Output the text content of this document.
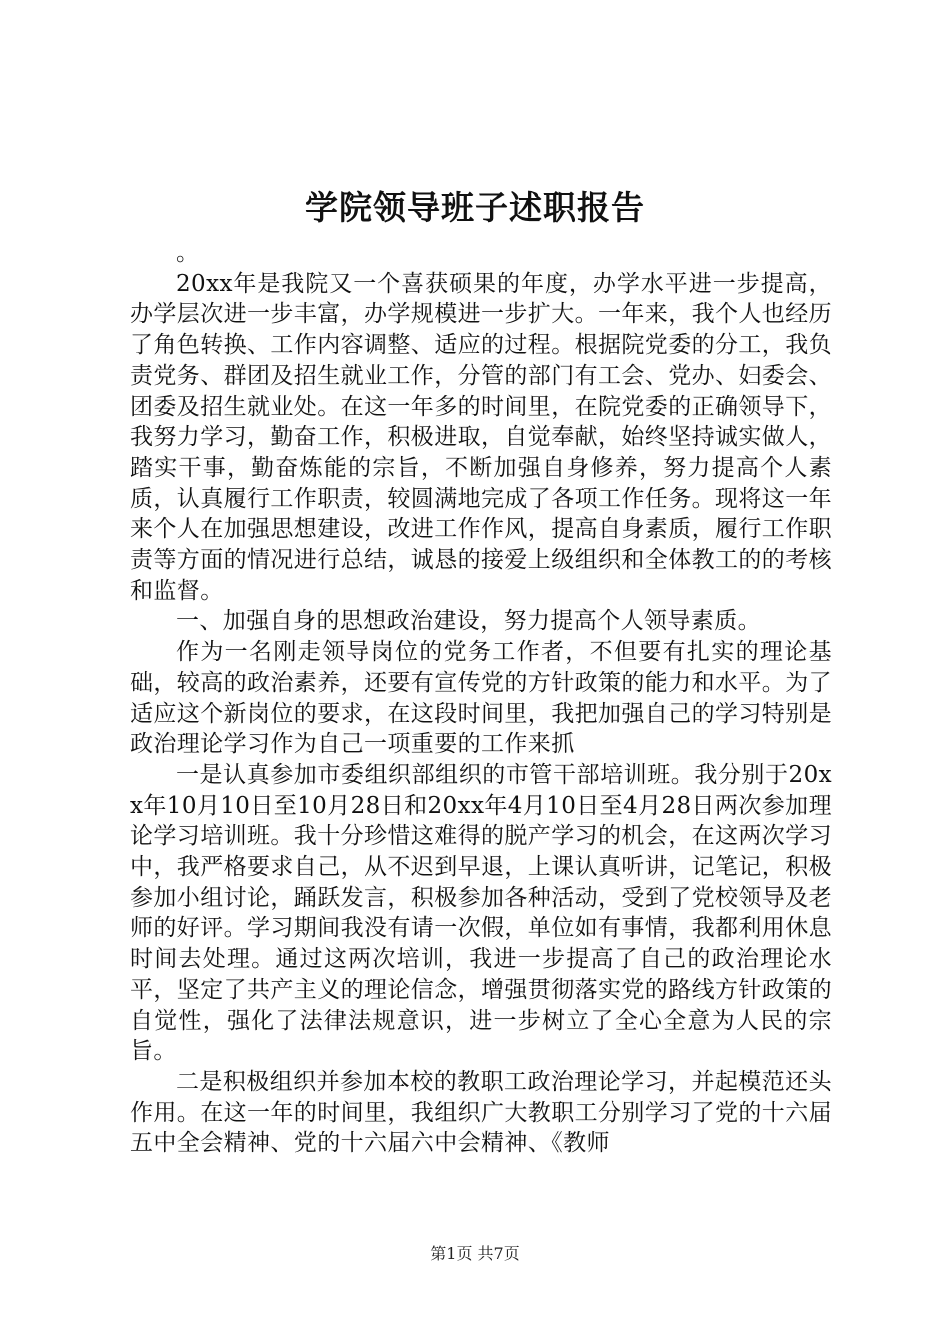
学院领导班子述职报告

。

20xx年是我院又一个喜获硕果的年度，办学水平进一步提高，办学层次进一步丰富，办学规模进一步扩大。一年来，我个人也经历了角色转换、工作内容调整、适应的过程。根据院党委的分工，我负责党务、群团及招生就业工作，分管的部门有工会、党办、妇委会、团委及招生就业处。在这一年多的时间里，在院党委的正确领导下，我努力学习，勤奋工作，积极进取，自觉奉献，始终坚持诚实做人，踏实干事，勤奋炼能的宗旨，不断加强自身修养，努力提高个人素质，认真履行工作职责，较圆满地完成了各项工作任务。现将这一年来个人在加强思想建设，改进工作作风，提高自身素质，履行工作职责等方面的情况进行总结，诚恳的接爱上级组织和全体教工的的考核和监督。

一、加强自身的思想政治建设，努力提高个人领导素质。

作为一名刚走领导岗位的党务工作者，不但要有扎实的理论基础，较高的政治素养，还要有宣传党的方针政策的能力和水平。为了适应这个新岗位的要求，在这段时间里，我把加强自己的学习特别是政治理论学习作为自己一项重要的工作来抓

一是认真参加市委组织部组织的市管干部培训班。我分别于20xx年10月10日至10月28日和20xx年4月10日至4月28日两次参加理论学习培训班。我十分珍惜这难得的脱产学习的机会，在这两次学习中，我严格要求自己，从不迟到早退，上课认真听讲，记笔记，积极参加小组讨论，踊跃发言，积极参加各种活动，受到了党校领导及老师的好评。学习期间我没有请一次假，单位如有事情，我都利用休息时间去处理。通过这两次培训，我进一步提高了自己的政治理论水平，坚定了共产主义的理论信念，增强贯彻落实党的路线方针政策的自觉性，强化了法律法规意识，进一步树立了全心全意为人民的宗旨。

二是积极组织并参加本校的教职工政治理论学习，并起模范还头作用。在这一年的时间里，我组织广大教职工分别学习了党的十六届五中全会精神、党的十六届六中会精神、《教师

第1页 共7页
